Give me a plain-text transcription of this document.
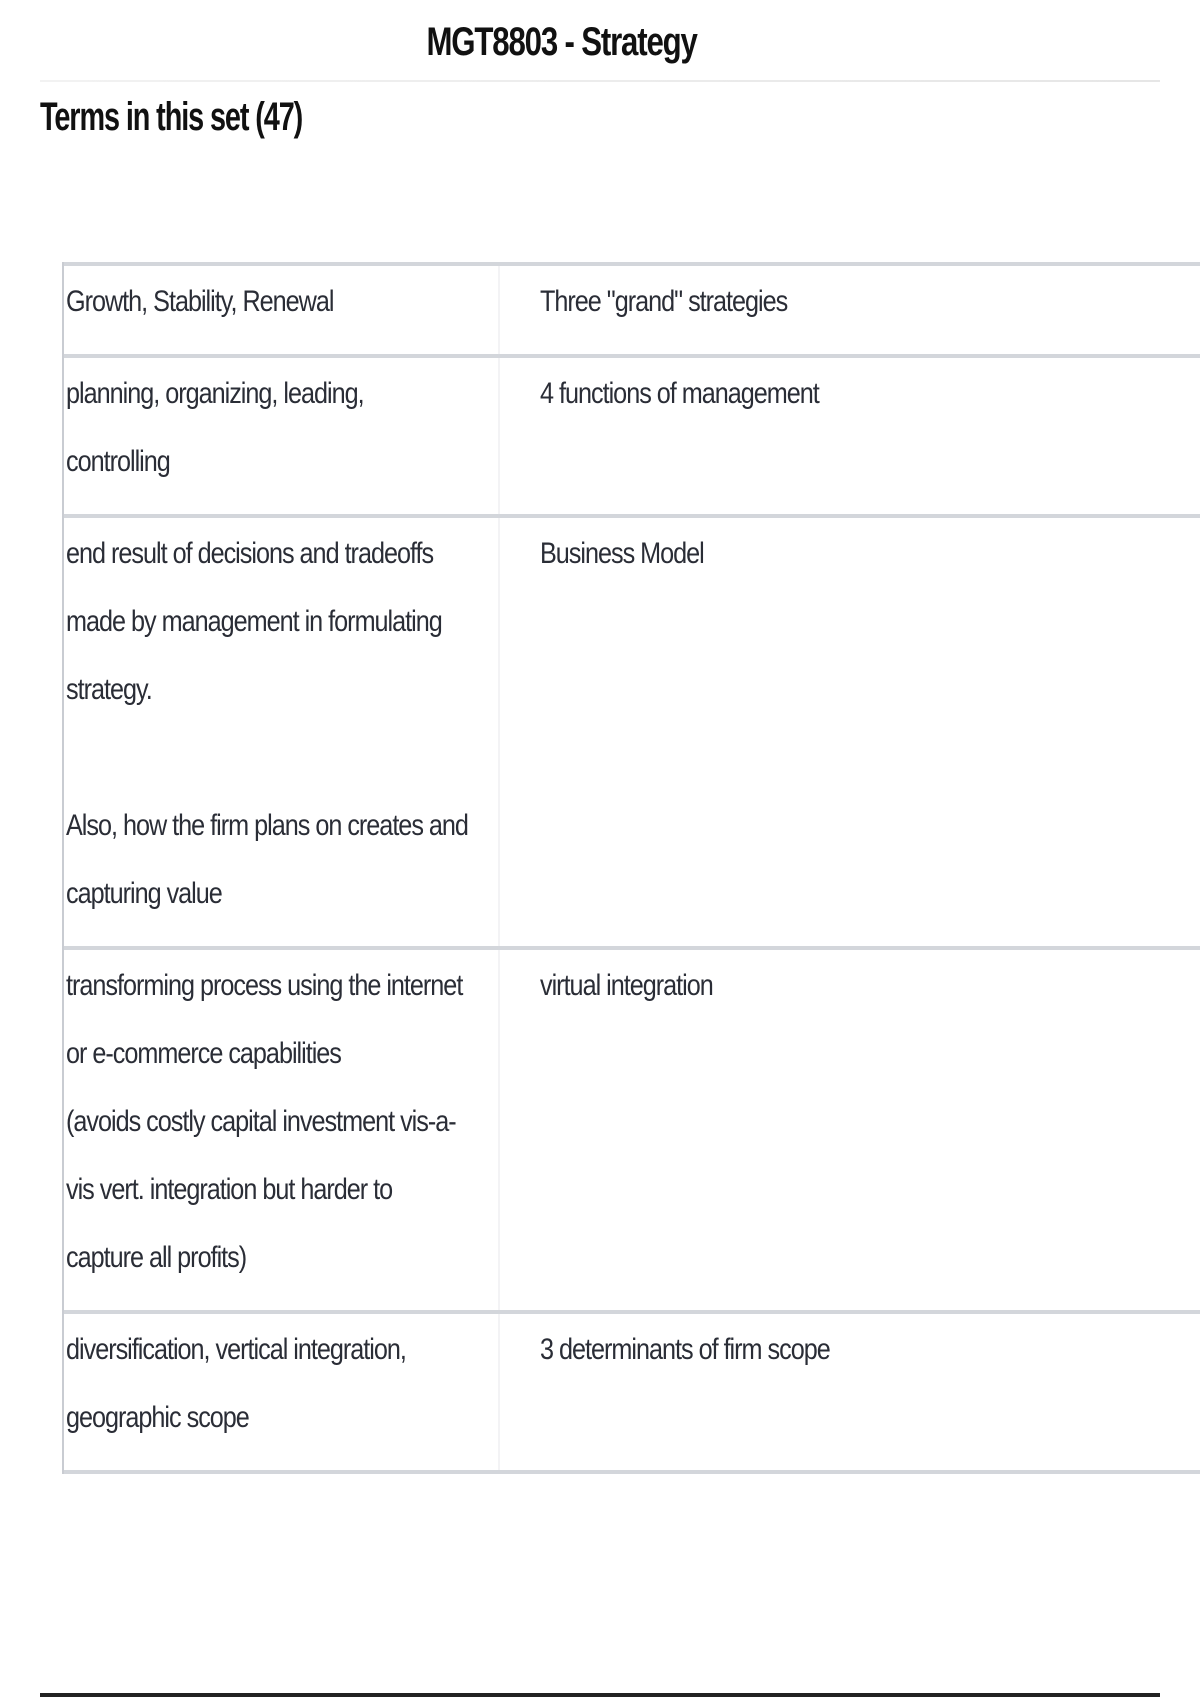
MGT8803 - Strategy
Terms in this set (47)
Growth, Stability, Renewal	Three "grand" strategies
planning, organizing, leading,
controlling
4 functions of management
end result of decisions and tradeoffs
made by management in formulating
strategy.

Also, how the firm plans on creates and
capturing value
Business Model
transforming process using the internet
or e-commerce capabilities
(avoids costly capital investment vis-a-
vis vert. integration but harder to
capture all profits)
virtual integration
diversification, vertical integration,
geographic scope
3 determinants of firm scope
